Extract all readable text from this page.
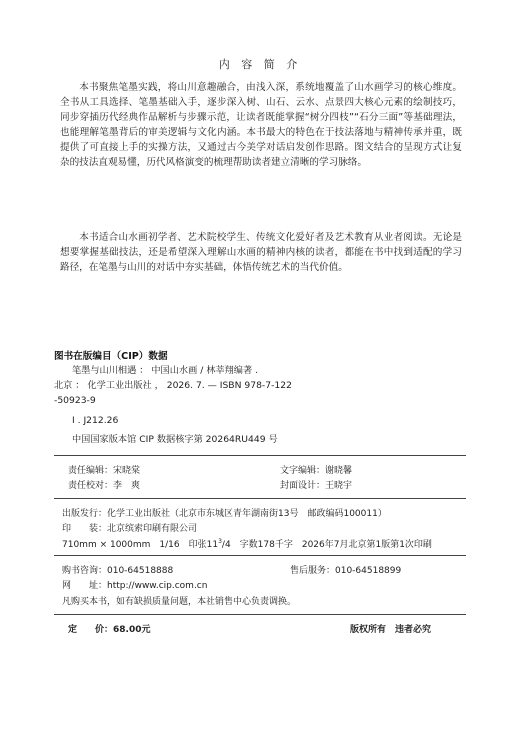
内 容 简 介

本书聚焦笔墨实践，将山川意趣融合，由浅入深，系统地覆盖了山水画学习的核心维度。全书从工具选择、笔墨基础入手，逐步深入树、山石、云水、点景四大核心元素的绘制技巧，同步穿插历代经典作品解析与步骤示范，让读者既能掌握“树分四枝”“石分三面”等基础理法，也能理解笔墨背后的审美逻辑与文化内涵。本书最大的特色在于技法落地与精神传承并重，既提供了可直接上手的实操方法，又通过古今美学对话启发创作思路。图文结合的呈现方式让复杂的技法直观易懂，历代风格演变的梳理帮助读者建立清晰的学习脉络。

本书适合山水画初学者、艺术院校学生、传统文化爱好者及艺术教育从业者阅读。无论是想要掌握基础技法，还是希望深入理解山水画的精神内核的读者，都能在书中找到适配的学习路径，在笔墨与山川的对话中夯实基础，体悟传统艺术的当代价值。

图书在版编目（CIP）数据
笔墨与山川相遇 ： 中国山水画 / 林莘翔编著 .
北京 ： 化学工业出版社 ， 2026. 7. — ISBN 978-7-122
-50923-9
Ⅰ . J212.26
中国国家版本馆 CIP 数据核字第 20264RU449 号
责任编辑：宋晓棠	文字编辑：谢晓馨
责任校对：李　爽	封面设计：王晓宇
出版发行：化学工业出版社（北京市东城区青年湖南街13号　邮政编码100011）
印　　装：北京缤索印刷有限公司
710mm × 1000mm　1/16　印张$11^3/4$　字数178千字　2026年7月北京第1版第1次印刷
购书咨询：010-64518888	售后服务：010-64518899
网　　址：http://www.cip.com.cn
凡购买本书，如有缺损质量问题，本社销售中心负责调换。
定　　价：68.00元	版权所有　违者必究
